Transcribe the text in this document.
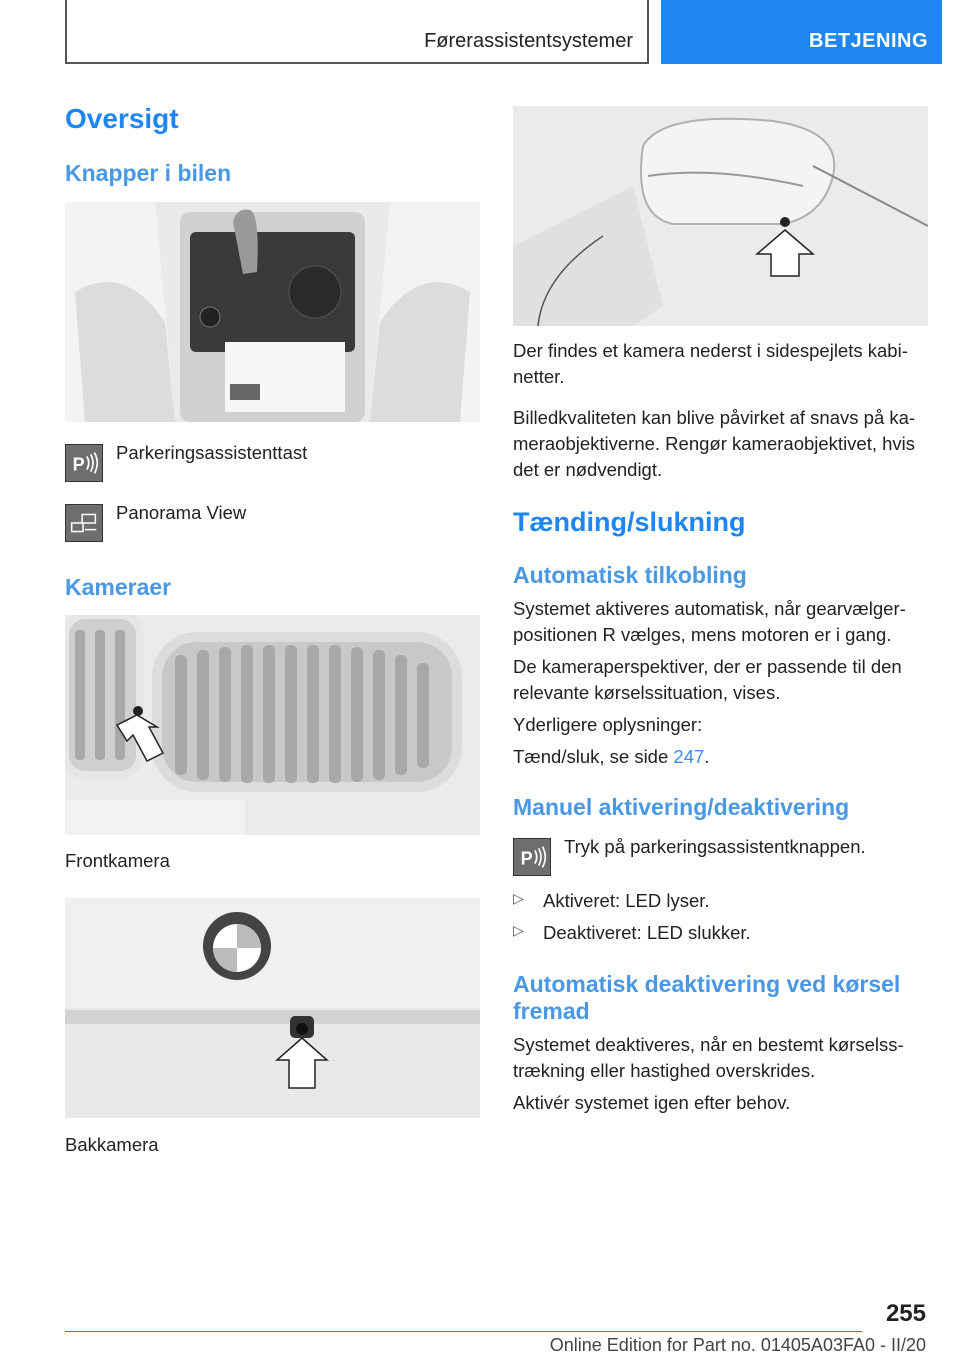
Førerassistentsystemer	BETJENING
Oversigt
Knapper i bilen
P
Parkeringsassistenttast
Panorama View
Kameraer
Frontkamera
Bakkamera
Der findes et kamera nederst i sidespejlets kabi-netter.
Billedkvaliteten kan blive påvirket af snavs på ka-meraobjektiverne. Rengør kameraobjektivet, hvis det er nødvendigt.
Tænding/slukning
Automatisk tilkobling
Systemet aktiveres automatisk, når gearvælger-positionen R vælges, mens motoren er i gang.
De kameraperspektiver, der er passende til den relevante kørselssituation, vises.
Yderligere oplysninger:
Tænd/sluk, se side 247.
Manuel aktivering/deaktivering
P
Tryk på parkeringsassistentknappen.
▷ Aktiveret: LED lyser.
▷ Deaktiveret: LED slukker.
Automatisk deaktivering ved kørsel
fremad
Systemet deaktiveres, når en bestemt kørselss-trækning eller hastighed overskrides.
Aktivér systemet igen efter behov.
255
Online Edition for Part no. 01405A03FA0 - II/20
